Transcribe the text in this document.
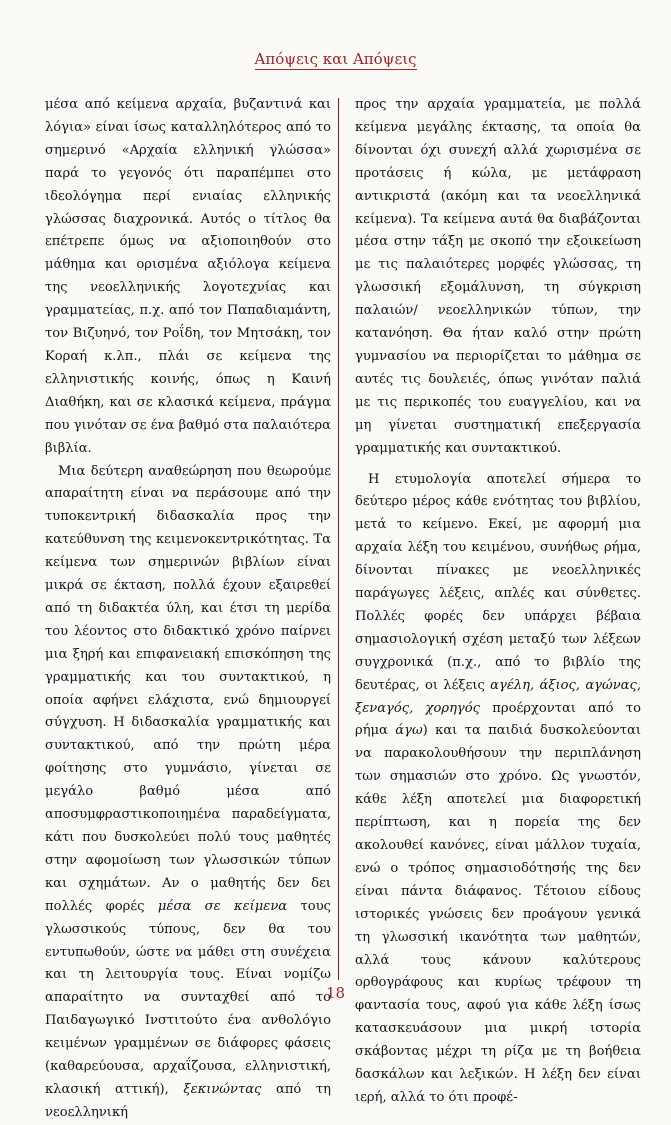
Απόψεις και Απόψεις

μέσα από κείμενα αρχαία, βυζαντινά και λόγια» είναι ίσως καταλληλότερος από το σημερινό «Αρχαία ελληνική γλώσσα» παρά το γεγονός ότι παραπέμπει στο ιδεολόγημα περί ενιαίας ελληνικής γλώσσας διαχρονικά. Αυτός ο τίτλος θα επέτρεπε όμως να αξιοποιηθούν στο μάθημα και ορισμένα αξιόλογα κείμενα της νεοελληνικής λογοτεχνίας και γραμματείας, π.χ. από τον Παπαδιαμάντη, τον Βιζυηνό, τον Ροΐδη, τον Μητσάκη, τον Κοραή κ.λπ., πλάι σε κείμενα της ελληνιστικής κοινής, όπως η Καινή Διαθήκη, και σε κλασικά κείμενα, πράγμα που γινόταν σε ένα βαθμό στα παλαιότερα βιβλία.

Μια δεύτερη αναθεώρηση που θεωρούμε απαραίτητη είναι να περάσουμε από την τυποκεντρική διδασκαλία προς την κατεύθυνση της κειμενοκεντρικότητας. Τα κείμενα των σημερινών βιβλίων είναι μικρά σε έκταση, πολλά έχουν εξαιρεθεί από τη διδακτέα ύλη, και έτσι τη μερίδα του λέοντος στο διδακτικό χρόνο παίρνει μια ξηρή και επιφανειακή επισκόπηση της γραμματικής και του συντακτικού, η οποία αφήνει ελάχιστα, ενώ δημιουργεί σύγχυση. Η διδασκαλία γραμματικής και συντακτικού, από την πρώτη μέρα φοίτησης στο γυμνάσιο, γίνεται σε μεγάλο βαθμό μέσα από αποσυμφραστικοποιημένα παραδείγματα, κάτι που δυσκολεύει πολύ τους μαθητές στην αφομοίωση των γλωσσικών τύπων και σχημάτων. Αν ο μαθητής δεν δει πολλές φορές μέσα σε κείμενα τους γλωσσικούς τύπους, δεν θα του εντυπωθούν, ώστε να μάθει στη συνέχεια και τη λειτουργία τους. Είναι νομίζω απαραίτητο να συνταχθεί από το Παιδαγωγικό Ινστιτούτο ένα ανθολόγιο κειμένων γραμμένων σε διάφορες φάσεις (καθαρεύουσα, αρχαΐζουσα, ελληνιστική, κλασική αττική), ξεκινώντας από τη νεοελληνική

προς την αρχαία γραμματεία, με πολλά κείμενα μεγάλης έκτασης, τα οποία θα δίνονται όχι συνεχή αλλά χωρισμένα σε προτάσεις ή κώλα, με μετάφραση αντικριστά (ακόμη και τα νεοελληνικά κείμενα). Τα κείμενα αυτά θα διαβάζονται μέσα στην τάξη με σκοπό την εξοικείωση με τις παλαιότερες μορφές γλώσσας, τη γλωσσική εξομάλυνση, τη σύγκριση παλαιών/ νεοελληνικών τύπων, την κατανόηση. Θα ήταν καλό στην πρώτη γυμνασίου να περιορίζεται το μάθημα σε αυτές τις δουλειές, όπως γινόταν παλιά με τις περικοπές του ευαγγελίου, και να μη γίνεται συστηματική επεξεργασία γραμματικής και συντακτικού.

Η ετυμολογία αποτελεί σήμερα το δεύτερο μέρος κάθε ενότητας του βιβλίου, μετά το κείμενο. Εκεί, με αφορμή μια αρχαία λέξη του κειμένου, συνήθως ρήμα, δίνονται πίνακες με νεοελληνικές παράγωγες λέξεις, απλές και σύνθετες. Πολλές φορές δεν υπάρχει βέβαια σημασιολογική σχέση μεταξύ των λέξεων συγχρονικά (π.χ., από το βιβλίο της δευτέρας, οι λέξεις αγέλη, άξιος, αγώνας, ξεναγός, χορηγός προέρχονται από το ρήμα άγω) και τα παιδιά δυσκολεύονται να παρακολουθήσουν την περιπλάνηση των σημασιών στο χρόνο. Ως γνωστόν, κάθε λέξη αποτελεί μια διαφορετική περίπτωση, και η πορεία της δεν ακολουθεί κανόνες, είναι μάλλον τυχαία, ενώ ο τρόπος σημασιοδότησής της δεν είναι πάντα διάφανος. Τέτοιου είδους ιστορικές γνώσεις δεν προάγουν γενικά τη γλωσσική ικανότητα των μαθητών, αλλά τους κάνουν καλύτερους ορθογράφους και κυρίως τρέφουν τη φαντασία τους, αφού για κάθε λέξη ίσως κατασκευάσουν μια μικρή ιστορία σκάβοντας μέχρι τη ρίζα με τη βοήθεια δασκάλων και λεξικών. Η λέξη δεν είναι ιερή, αλλά το ότι προφέ-

18
